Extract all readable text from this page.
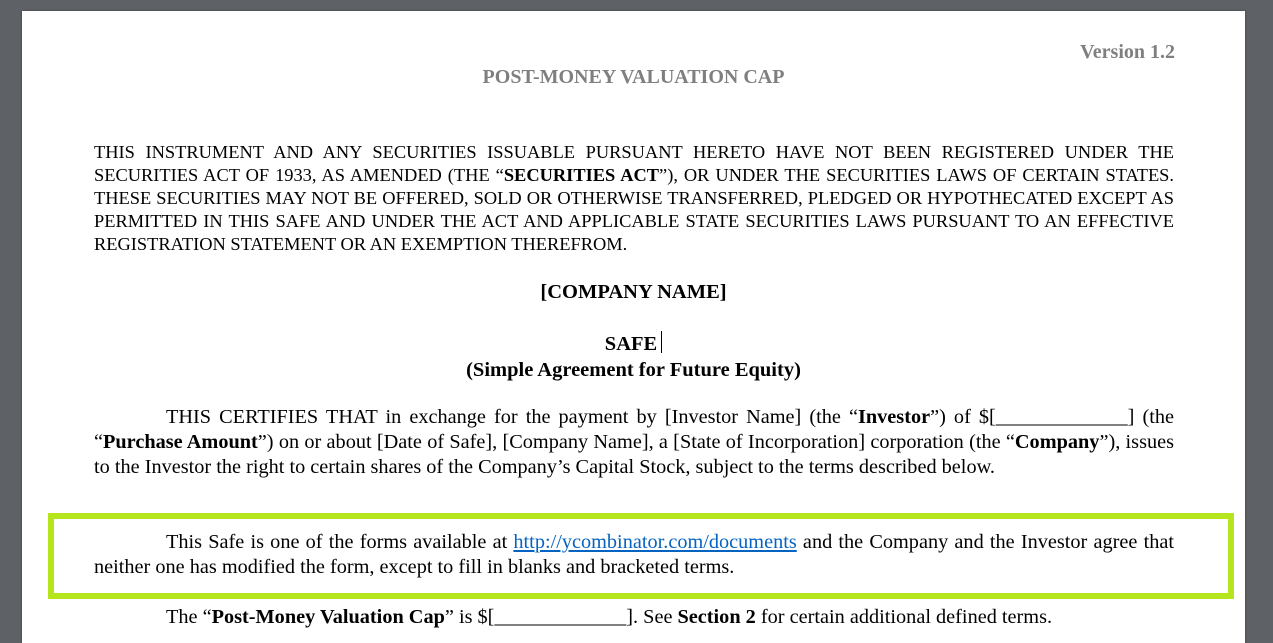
Version 1.2
POST-MONEY VALUATION CAP
THIS INSTRUMENT AND ANY SECURITIES ISSUABLE PURSUANT HERETO HAVE NOT BEEN REGISTERED UNDER THE SECURITIES ACT OF 1933, AS AMENDED (THE “SECURITIES ACT”), OR UNDER THE SECURITIES LAWS OF CERTAIN STATES. THESE SECURITIES MAY NOT BE OFFERED, SOLD OR OTHERWISE TRANSFERRED, PLEDGED OR HYPOTHECATED EXCEPT AS PERMITTED IN THIS SAFE AND UNDER THE ACT AND APPLICABLE STATE SECURITIES LAWS PURSUANT TO AN EFFECTIVE REGISTRATION STATEMENT OR AN EXEMPTION THEREFROM.
[COMPANY NAME]
SAFE
(Simple Agreement for Future Equity)
THIS CERTIFIES THAT in exchange for the payment by [Investor Name] (the “Investor”) of $[_____________] (the “Purchase Amount”) on or about [Date of Safe], [Company Name], a [State of Incorporation] corporation (the “Company”), issues to the Investor the right to certain shares of the Company’s Capital Stock, subject to the terms described below.
This Safe is one of the forms available at http://ycombinator.com/documents and the Company and the Investor agree that neither one has modified the form, except to fill in blanks and bracketed terms.
The “Post-Money Valuation Cap” is $[_____________]. See Section 2 for certain additional defined terms.
